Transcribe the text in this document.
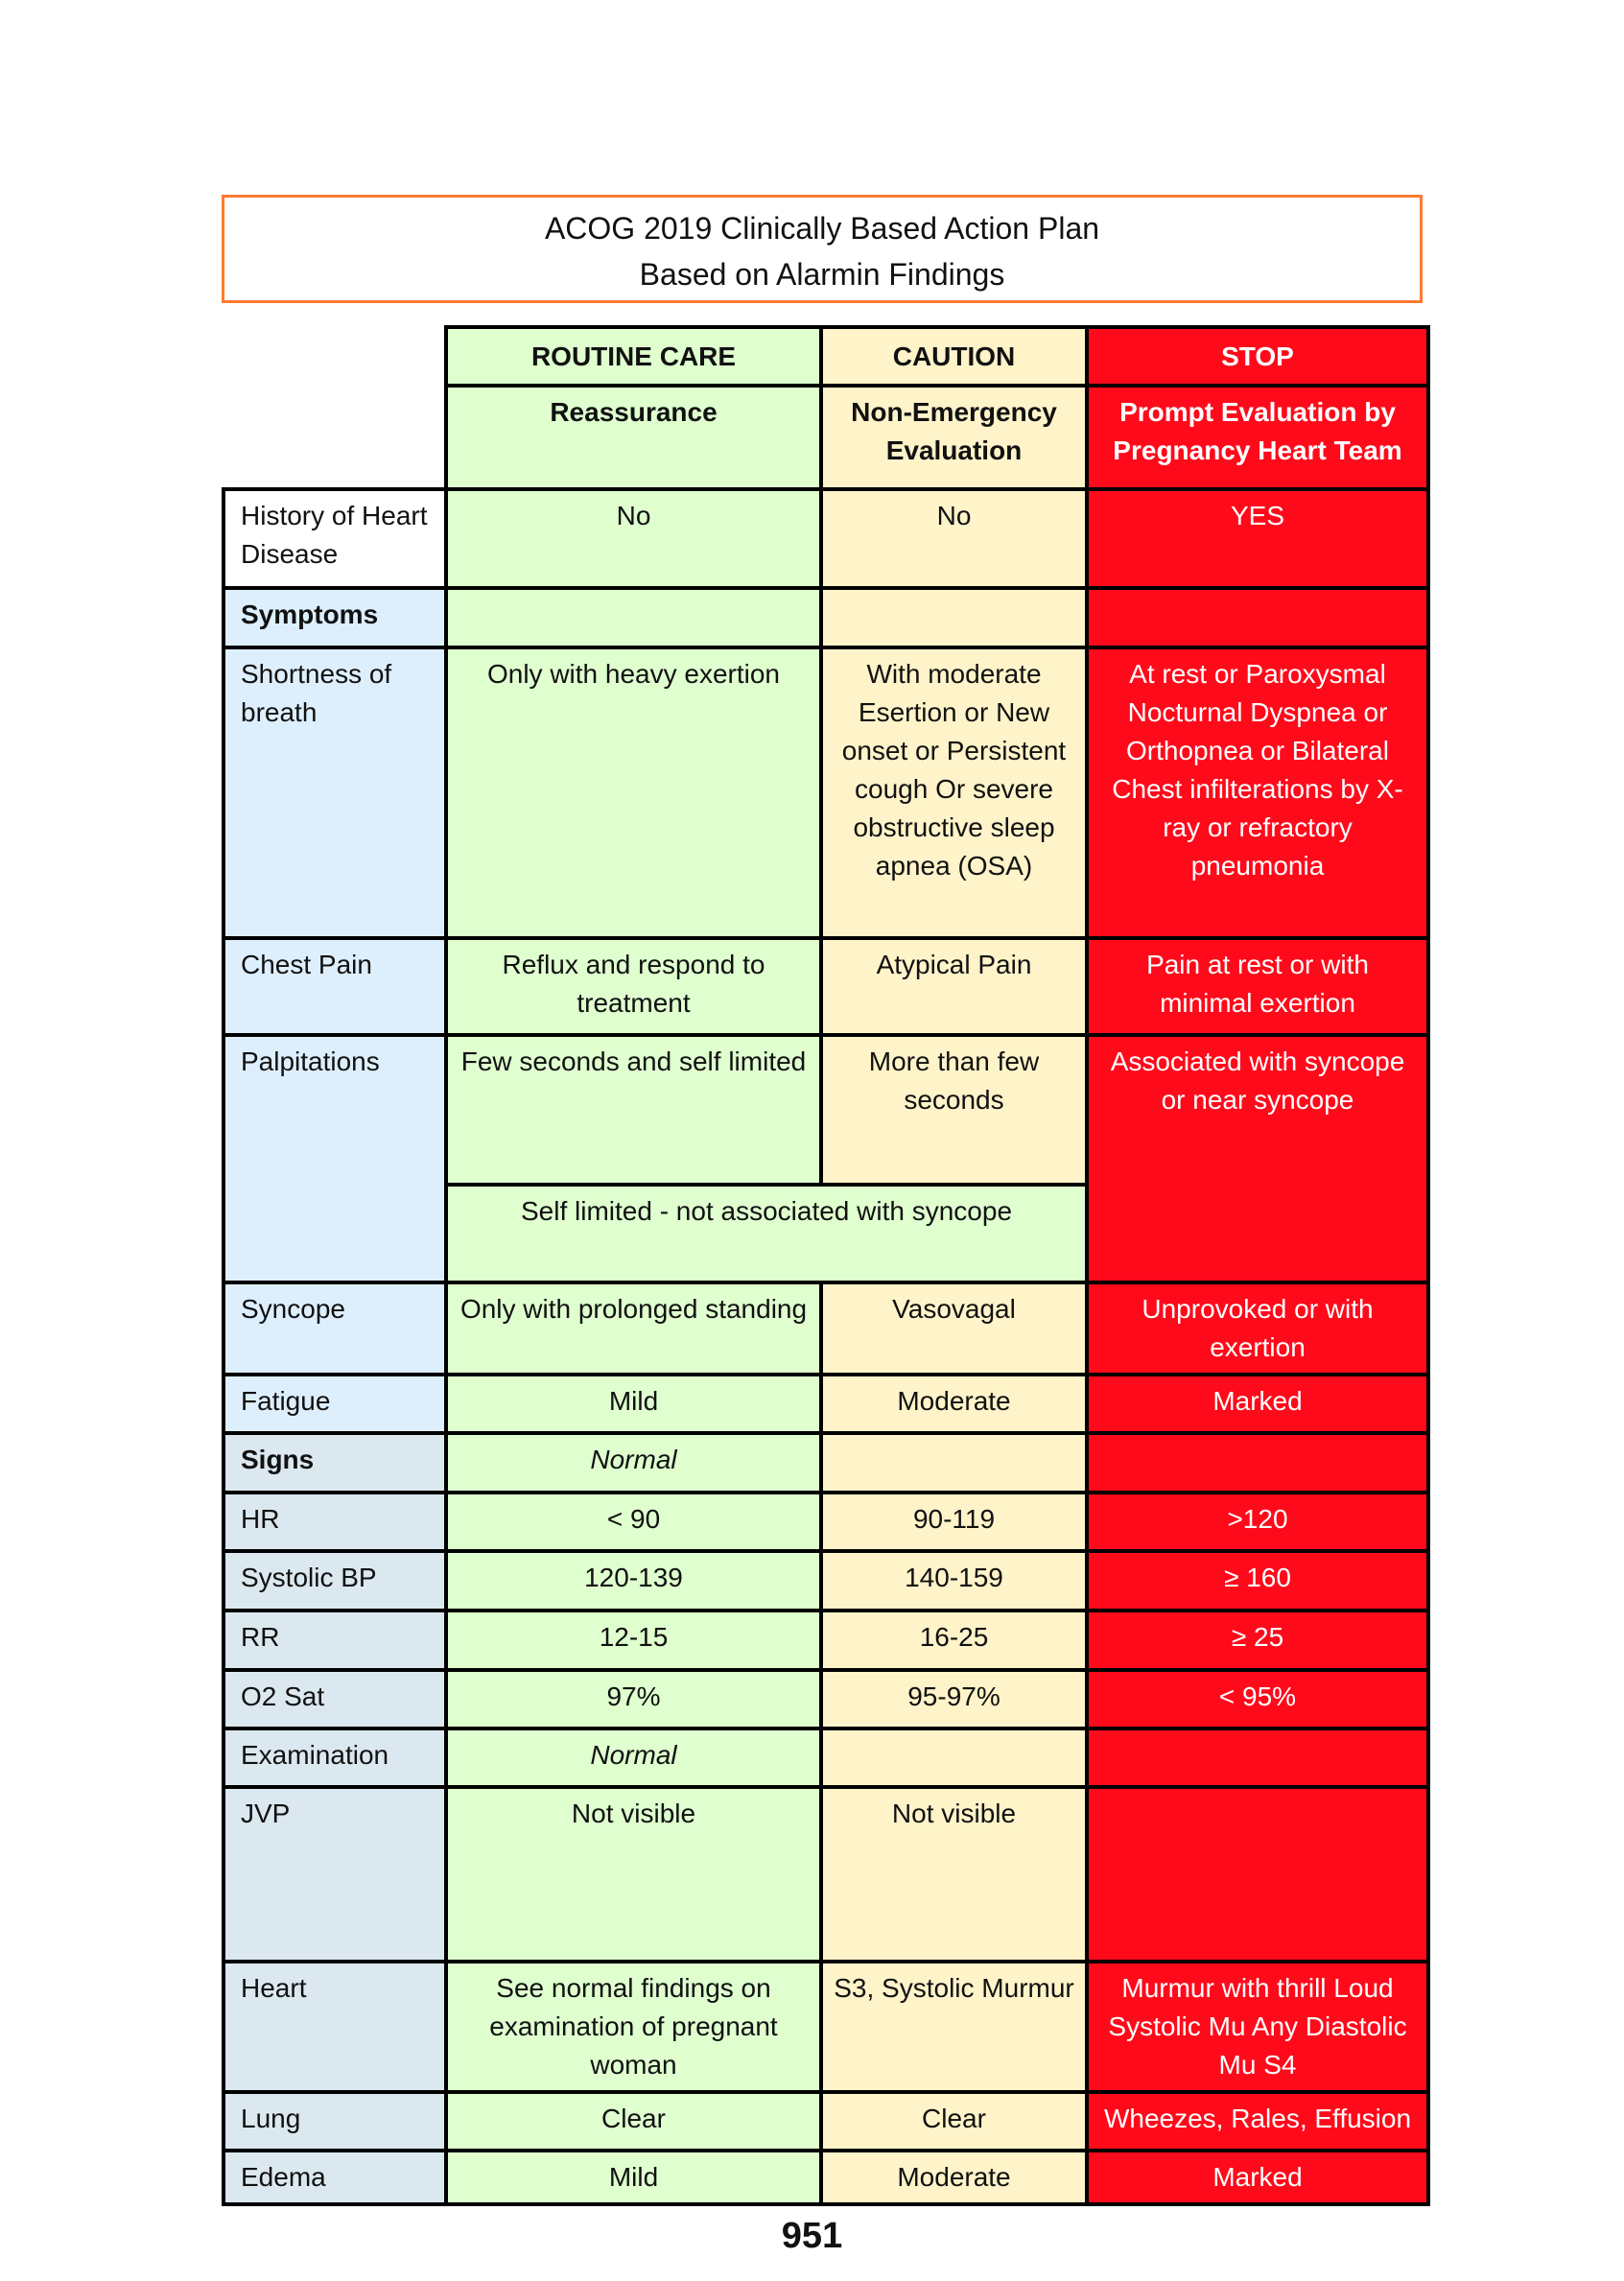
ACOG 2019 Clinically Based Action Plan
Based on Alarmin Findings
	ROUTINE CARE	CAUTION	STOP
	Reassurance	Non-Emergency Evaluation	Prompt Evaluation by Pregnancy Heart Team
History of Heart Disease	No	No	YES
Symptoms			
Shortness of breath	Only with heavy exertion	With moderate Esertion or New onset or Persistent cough Or severe obstructive sleep apnea (OSA)	At rest or Paroxysmal Nocturnal Dyspnea or Orthopnea or Bilateral Chest infilterations by X-ray or refractory pneumonia
Chest Pain	Reflux and respond to treatment	Atypical Pain	Pain at rest or with minimal exertion
Palpitations	Few seconds and self limited	More than few seconds	Associated with syncope or near syncope
	Self limited - not associated with syncope		
Syncope	Only with prolonged standing	Vasovagal	Unprovoked or with exertion
Fatigue	Mild	Moderate	Marked
Signs	Normal		
HR	< 90	90-119	>120
Systolic BP	120-139	140-159	≥ 160
RR	12-15	16-25	≥ 25
O2 Sat	97%	95-97%	< 95%
Examination	Normal		
JVP	Not visible	Not visible	
Heart	See normal findings on examination of pregnant woman	S3, Systolic Murmur	Murmur with thrill Loud Systolic Mu Any Diastolic Mu S4
Lung	Clear	Clear	Wheezes, Rales, Effusion
Edema	Mild	Moderate	Marked
951
